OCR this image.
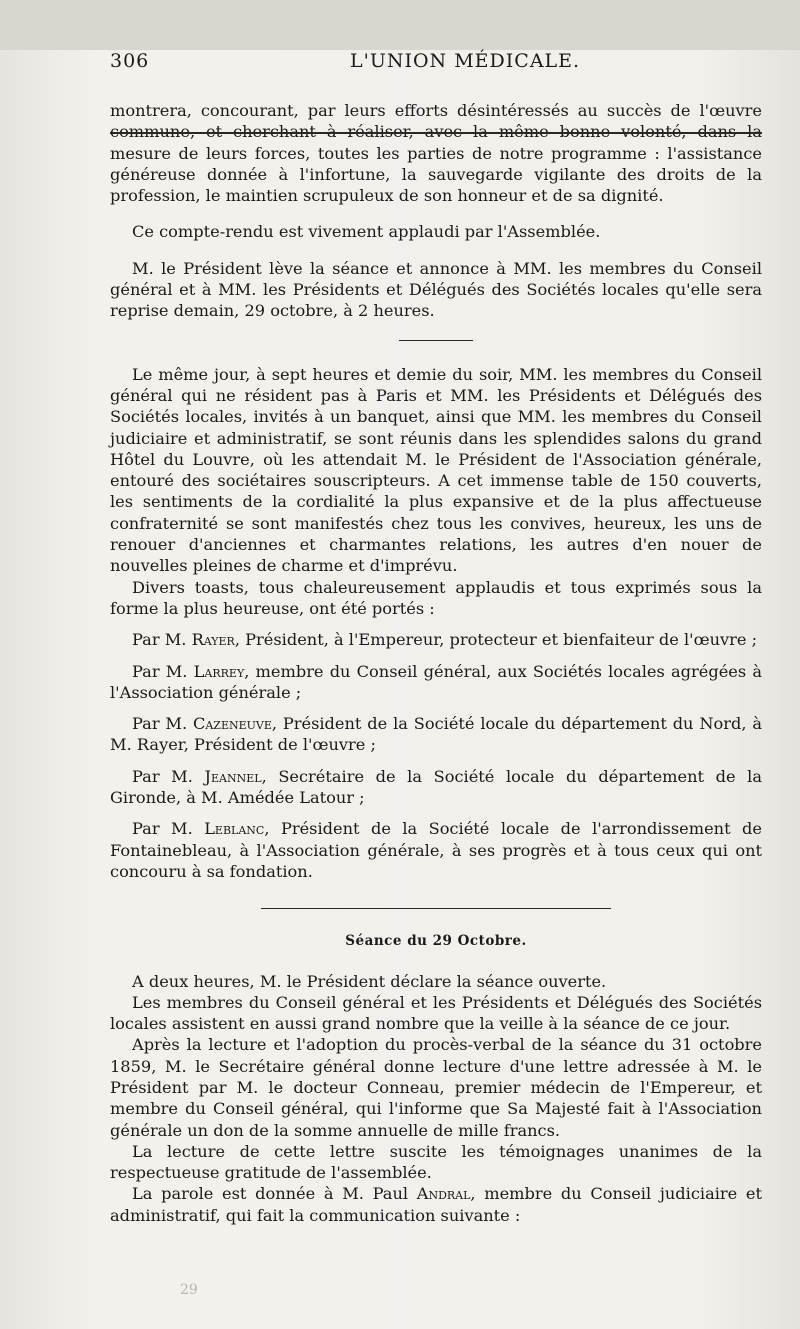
306	L'UNION MÉDICALE.

montrera, concourant, par leurs efforts désintéressés au succès de l'œuvre commune, et cherchant à réaliser, avec la même bonne volonté, dans la mesure de leurs forces, toutes les parties de notre programme : l'assistance généreuse donnée à l'infortune, la sauvegarde vigilante des droits de la profession, le maintien scrupuleux de son honneur et de sa dignité.

Ce compte-rendu est vivement applaudi par l'Assemblée.

M. le Président lève la séance et annonce à MM. les membres du Conseil général et à MM. les Présidents et Délégués des Sociétés locales qu'elle sera reprise demain, 29 octobre, à 2 heures.

Le même jour, à sept heures et demie du soir, MM. les membres du Conseil général qui ne résident pas à Paris et MM. les Présidents et Délégués des Sociétés locales, invités à un banquet, ainsi que MM. les membres du Conseil judiciaire et administratif, se sont réunis dans les splendides salons du grand Hôtel du Louvre, où les attendait M. le Président de l'Association générale, entouré des sociétaires souscripteurs. A cet immense table de 150 couverts, les sentiments de la cordialité la plus expansive et de la plus affectueuse confraternité se sont manifestés chez tous les convives, heureux, les uns de renouer d'anciennes et charmantes relations, les autres d'en nouer de nouvelles pleines de charme et d'imprévu.

Divers toasts, tous chaleureusement applaudis et tous exprimés sous la forme la plus heureuse, ont été portés :

Par M. Rayer, Président, à l'Empereur, protecteur et bienfaiteur de l'œuvre ;

Par M. Larrey, membre du Conseil général, aux Sociétés locales agrégées à l'Association générale ;

Par M. Cazeneuve, Président de la Société locale du département du Nord, à M. Rayer, Président de l'œuvre ;

Par M. Jeannel, Secrétaire de la Société locale du département de la Gironde, à M. Amédée Latour ;

Par M. Leblanc, Président de la Société locale de l'arrondissement de Fontainebleau, à l'Association générale, à ses progrès et à tous ceux qui ont concouru à sa fondation.

Séance du 29 Octobre.

A deux heures, M. le Président déclare la séance ouverte.

Les membres du Conseil général et les Présidents et Délégués des Sociétés locales assistent en aussi grand nombre que la veille à la séance de ce jour.

Après la lecture et l'adoption du procès-verbal de la séance du 31 octobre 1859, M. le Secrétaire général donne lecture d'une lettre adressée à M. le Président par M. le docteur Conneau, premier médecin de l'Empereur, et membre du Conseil général, qui l'informe que Sa Majesté fait à l'Association générale un don de la somme annuelle de mille francs.

La lecture de cette lettre suscite les témoignages unanimes de la respectueuse gratitude de l'assemblée.

La parole est donnée à M. Paul Andral, membre du Conseil judiciaire et administratif, qui fait la communication suivante :

29
